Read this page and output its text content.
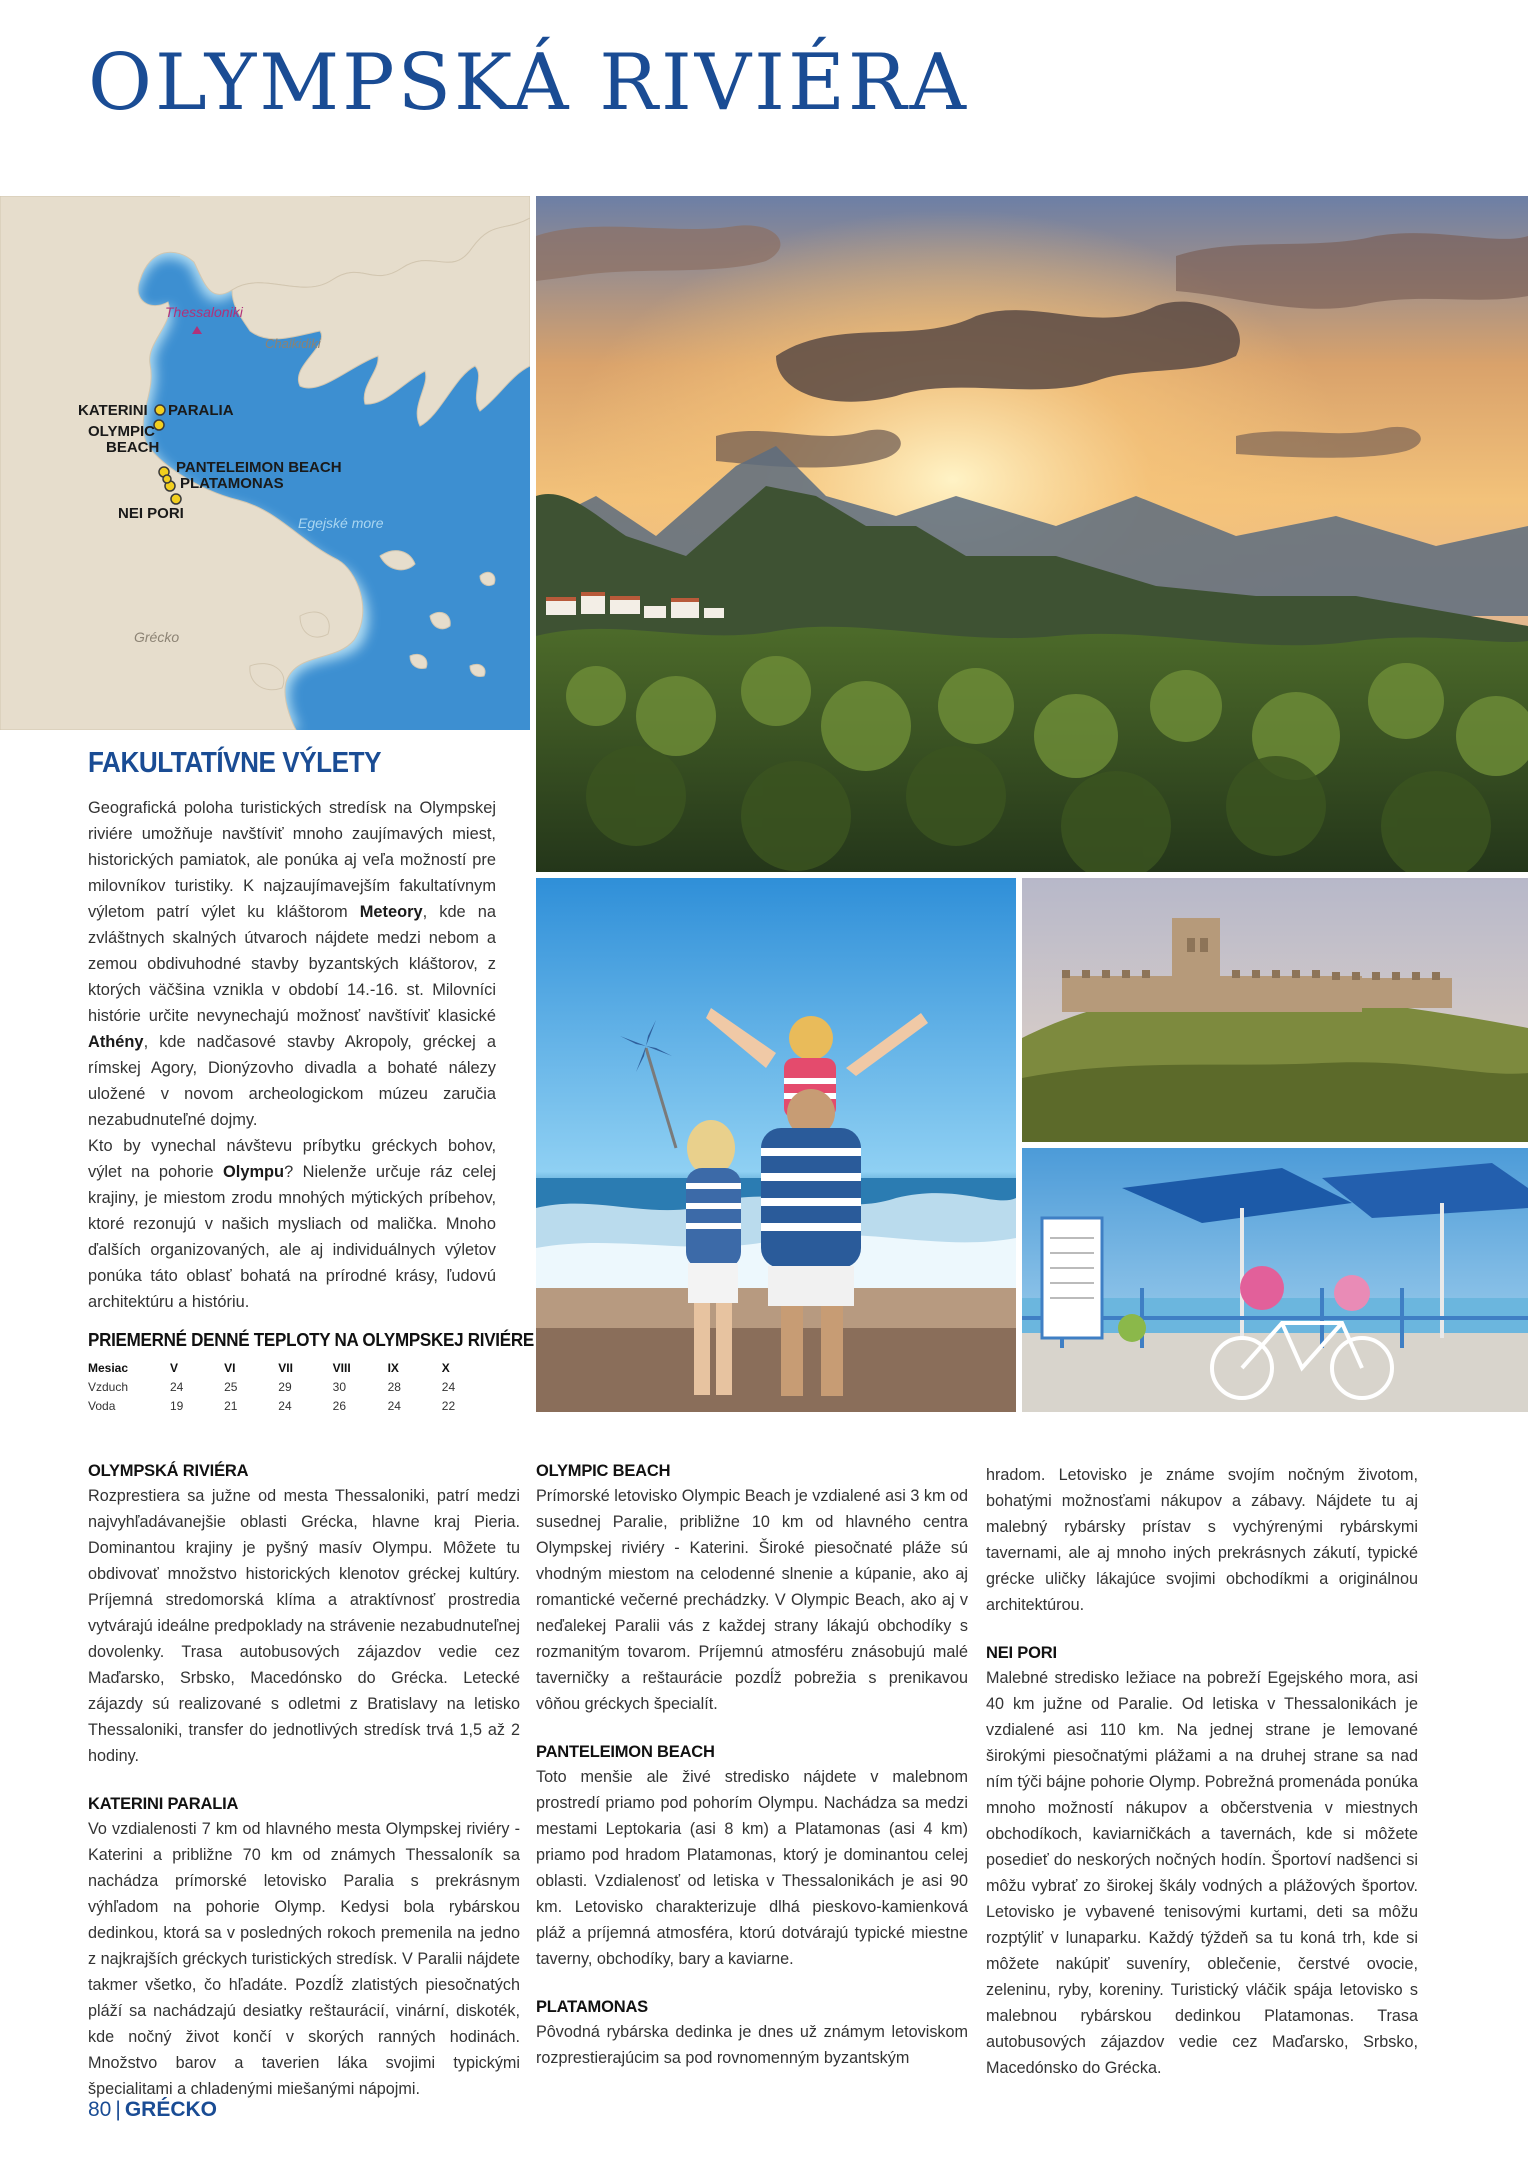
OLYMPSKÁ RIVIÉRA
Thessaloniki
Chalkidiki
KATERINI PARALIA
OLYMPIC
BEACH
PANTELEIMON BEACH
PLATAMONAS
NEI PORI
Egejské more
Grécko
FAKULTATÍVNE VÝLETY

Geografická poloha turistických stredísk na Olympskej riviére umožňuje navštíviť mnoho zaujímavých miest, historických pamiatok, ale ponúka aj veľa možností pre milovníkov turistiky. K najzaujímavejším fakultatívnym výletom patrí výlet ku kláštorom Meteory, kde na zvláštnych skalných útvaroch nájdete medzi nebom a zemou obdivuhodné stavby byzantských kláštorov, z ktorých väčšina vznikla v období 14.-16. st. Milovníci histórie určite nevynechajú možnosť navštíviť klasické Athény, kde nadčasové stavby Akropoly, gréckej a rímskej Agory, Dionýzovho divadla a bohaté nálezy uložené v novom archeologickom múzeu zaručia nezabudnuteľné dojmy.

Kto by vynechal návštevu príbytku gréckych bohov, výlet na pohorie Olympu? Nielenže určuje ráz celej krajiny, je miestom zrodu mnohých mýtických príbehov, ktoré rezonujú v našich mysliach od malička. Mnoho ďalších organizovaných, ale aj individuálnych výletov ponúka táto oblasť bohatá na prírodné krásy, ľudovú architektúru a históriu.

PRIEMERNÉ DENNÉ TEPLOTY NA OLYMPSKEJ RIVIÉRE
Mesiac	V	VI	VII	VIII	IX	X
Vzduch	24	25	29	30	28	24
Voda	19	21	24	26	24	22
OLYMPSKÁ RIVIÉRA

Rozprestiera sa južne od mesta Thessaloniki, patrí medzi najvyhľadávanejšie oblasti Grécka, hlavne kraj Pieria. Dominantou krajiny je pyšný masív Olympu. Môžete tu obdivovať množstvo historických klenotov gréckej kultúry. Príjemná stredomorská klíma a atraktívnosť prostredia vytvárajú ideálne predpoklady na strávenie nezabudnuteľnej dovolenky. Trasa autobusových zájazdov vedie cez Maďarsko, Srbsko, Macedónsko do Grécka. Letecké zájazdy sú realizované s odletmi z Bratislavy na letisko Thessaloniki, transfer do jednotlivých stredísk trvá 1,5 až 2 hodiny.

KATERINI PARALIA

Vo vzdialenosti 7 km od hlavného mesta Olympskej riviéry - Katerini a približne 70 km od známych Thessaloník sa nachádza prímorské letovisko Paralia s prekrásnym výhľadom na pohorie Olymp. Kedysi bola rybárskou dedinkou, ktorá sa v posledných rokoch premenila na jedno z najkrajších gréckych turistických stredísk. V Paralii nájdete takmer všetko, čo hľadáte. Pozdĺž zlatistých piesočnatých pláží sa nachádzajú desiatky reštaurácií, vinární, diskoték, kde nočný život končí v skorých ranných hodinách. Množstvo barov a taverien láka svojimi typickými špecialitami a chladenými miešanými nápojmi.

OLYMPIC BEACH

Prímorské letovisko Olympic Beach je vzdialené asi 3 km od susednej Paralie, približne 10 km od hlavného centra Olympskej riviéry - Katerini. Široké piesočnaté pláže sú vhodným miestom na celodenné slnenie a kúpanie, ako aj romantické večerné prechádzky. V Olympic Beach, ako aj v neďalekej Paralii vás z každej strany lákajú obchodíky s rozmanitým tovarom. Príjemnú atmosféru znásobujú malé taverničky a reštaurácie pozdĺž pobrežia s prenikavou vôňou gréckych špecialít.

PANTELEIMON BEACH

Toto menšie ale živé stredisko nájdete v malebnom prostredí priamo pod pohorím Olympu. Nachádza sa medzi mestami Leptokaria (asi 8 km) a Platamonas (asi 4 km) priamo pod hradom Platamonas, ktorý je dominantou celej oblasti. Vzdialenosť od letiska v Thessalonikách je asi 90 km. Letovisko charakterizuje dlhá pieskovo-kamienková pláž a príjemná atmosféra, ktorú dotvárajú typické miestne taverny, obchodíky, bary a kaviarne.

PLATAMONAS

Pôvodná rybárska dedinka je dnes už známym letoviskom rozprestierajúcim sa pod rovnomenným byzantským

hradom. Letovisko je známe svojím nočným životom, bohatými možnosťami nákupov a zábavy. Nájdete tu aj malebný rybársky prístav s vychýrenými rybárskymi tavernami, ale aj mnoho iných prekrásnych zákutí, typické grécke uličky lákajúce svojimi obchodíkmi a originálnou architektúrou.

NEI PORI

Malebné stredisko ležiace na pobreží Egejského mora, asi 40 km južne od Paralie. Od letiska v Thessalonikách je vzdialené asi 110 km. Na jednej strane je lemované širokými piesočnatými plážami a na druhej strane sa nad ním týči bájne pohorie Olymp. Pobrežná promenáda ponúka mnoho možností nákupov a občerstvenia v miestnych obchodíkoch, kaviarničkách a tavernách, kde si môžete posedieť do neskorých nočných hodín. Športoví nadšenci si môžu vybrať zo širokej škály vodných a plážových športov. Letovisko je vybavené tenisovými kurtami, deti sa môžu rozptýliť v lunaparku. Každý týždeň sa tu koná trh, kde si môžete nakúpiť suveníry, oblečenie, čerstvé ovocie, zeleninu, ryby, koreniny. Turistický vláčik spája letovisko s malebnou rybárskou dedinkou Platamonas. Trasa autobusových zájazdov vedie cez Maďarsko, Srbsko, Macedónsko do Grécka.

80 | GRÉCKO
